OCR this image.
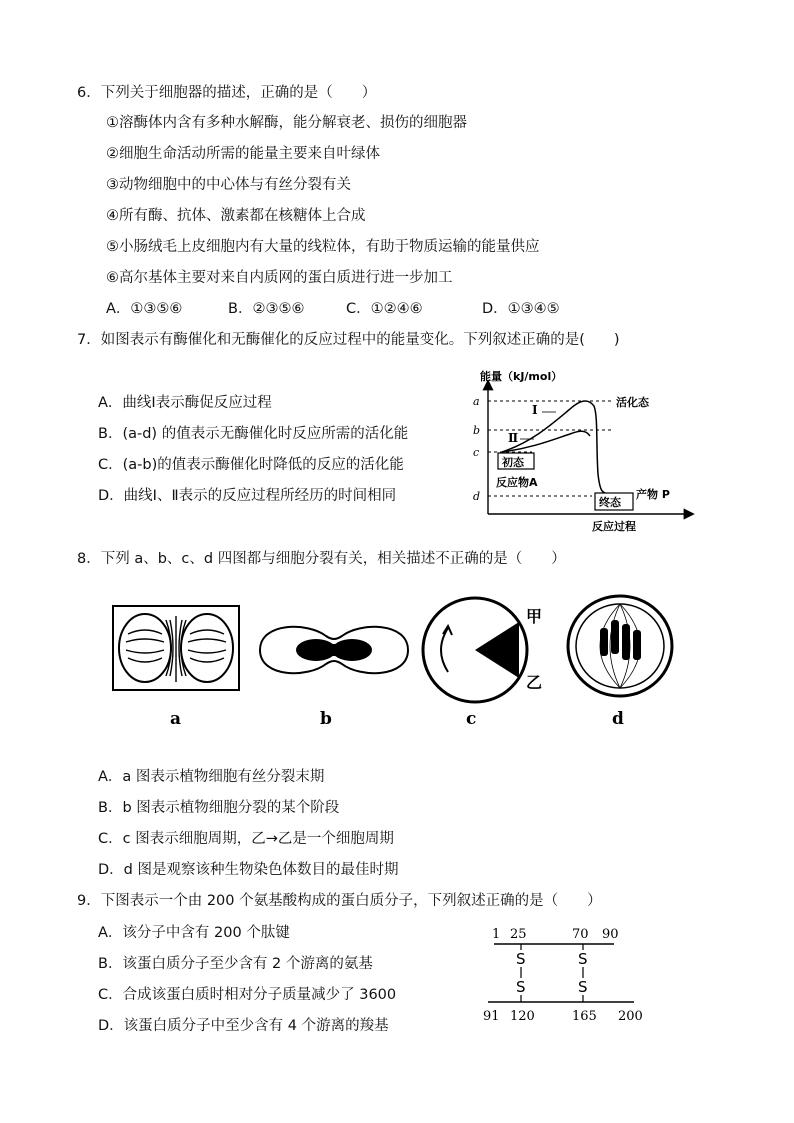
6．下列关于细胞器的描述，正确的是（　　）
①溶酶体内含有多种水解酶，能分解衰老、损伤的细胞器
②细胞生命活动所需的能量主要来自叶绿体
③动物细胞中的中心体与有丝分裂有关
④所有酶、抗体、激素都在核糖体上合成
⑤小肠绒毛上皮细胞内有大量的线粒体，有助于物质运输的能量供应
⑥高尔基体主要对来自内质网的蛋白质进行进一步加工
A．①③⑤⑥	B．②③⑤⑥	C．①②④⑥	D．①③④⑤
7．如图表示有酶催化和无酶催化的反应过程中的能量变化。下列叙述正确的是(　　)
A．曲线Ⅰ表示酶促反应过程
B．(a-d) 的值表示无酶催化时反应所需的活化能
C．(a-b)的值表示酶催化时降低的反应的活化能
D．曲线Ⅰ、Ⅱ表示的反应过程所经历的时间相同
能量（kJ/mol）
反应过程
a
b
c
d
活化态
Ⅰ
Ⅱ
初态
反应物A
终态
产物 P
8．下列 a、b、c、d 四图都与细胞分裂有关，相关描述不正确的是（　　）
a	b
甲
乙
c	d
A．a 图表示植物细胞有丝分裂末期
B．b 图表示植物细胞分裂的某个阶段
C．c 图表示细胞周期，乙→乙是一个细胞周期
D．d 图是观察该种生物染色体数目的最佳时期
9．下图表示一个由 200 个氨基酸构成的蛋白质分子，下列叙述正确的是（　　）
A．该分子中含有 200 个肽键
B．该蛋白质分子至少含有 2 个游离的氨基
C．合成该蛋白质时相对分子质量减少了 3600
D．该蛋白质分子中至少含有 4 个游离的羧基
1 25	70 90
S
S
S
S
91 120	165 200
